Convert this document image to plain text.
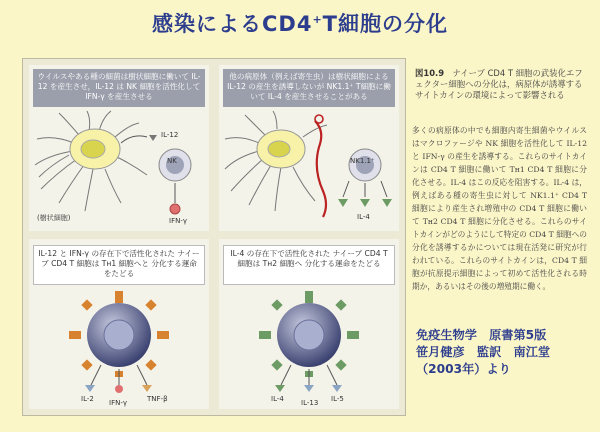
感染によるCD4+T細胞の分化
ウイルスやある種の細菌は樹状細胞に働いて IL-12 を産生させ，IL-12 は NK 細胞を活性化して IFN-γ を産生させる
IL-12
NK
(樹状細胞)	IFN-γ
他の病原体（例えば寄生虫）は樹状細胞による IL-12 の産生を誘導しないが NK1.1⁺ T細胞に働いて IL-4 を産生させることがある
NK1.1⁺
IL-4
IL-12 と IFN-γ の存在下で活性化された ナイーブ CD4 T 細胞は Tʜ1 細胞へと 分化する運命をたどる
IL-2 IFN-γ	TNF-β
IL-4 の存在下で活性化された ナイーブ CD4 T 細胞は Tʜ2 細胞へ 分化する運命をたどる
IL-4 IL-13 IL-5
図10.9　 ナイーブ CD4 T 細胞の武装化エフェクター細胞への分化は，病原体が誘導するサイトカインの環境によって影響される
多くの病原体の中でも細胞内寄生細菌やウイルスはマクロファージや NK 細胞を活性化して IL-12 と IFN-γ の産生を誘導する。これらのサイトカインは CD4 T 細胞に働いて Tʜ1 CD4 T 細胞に分化させる。IL-4 はこの反応を阻害する。IL-4 は，例えばある種の寄生虫に対して NK1.1⁺ CD4 T 細胞により産生され増殖中の CD4 T 細胞に働いて Tʜ2 CD4 T 細胞に分化させる。これらのサイトカインがどのようにして特定の CD4 T 細胞への分化を誘導するかについては現在活発に研究が行われている。これらのサイトカインは，CD4 T 細胞が抗原提示細胞によって初めて活性化される時期か，あるいはその後の増殖期に働く。
免疫生物学　原書第5版
笹月健彦　監訳　南江堂
（2003年）より
